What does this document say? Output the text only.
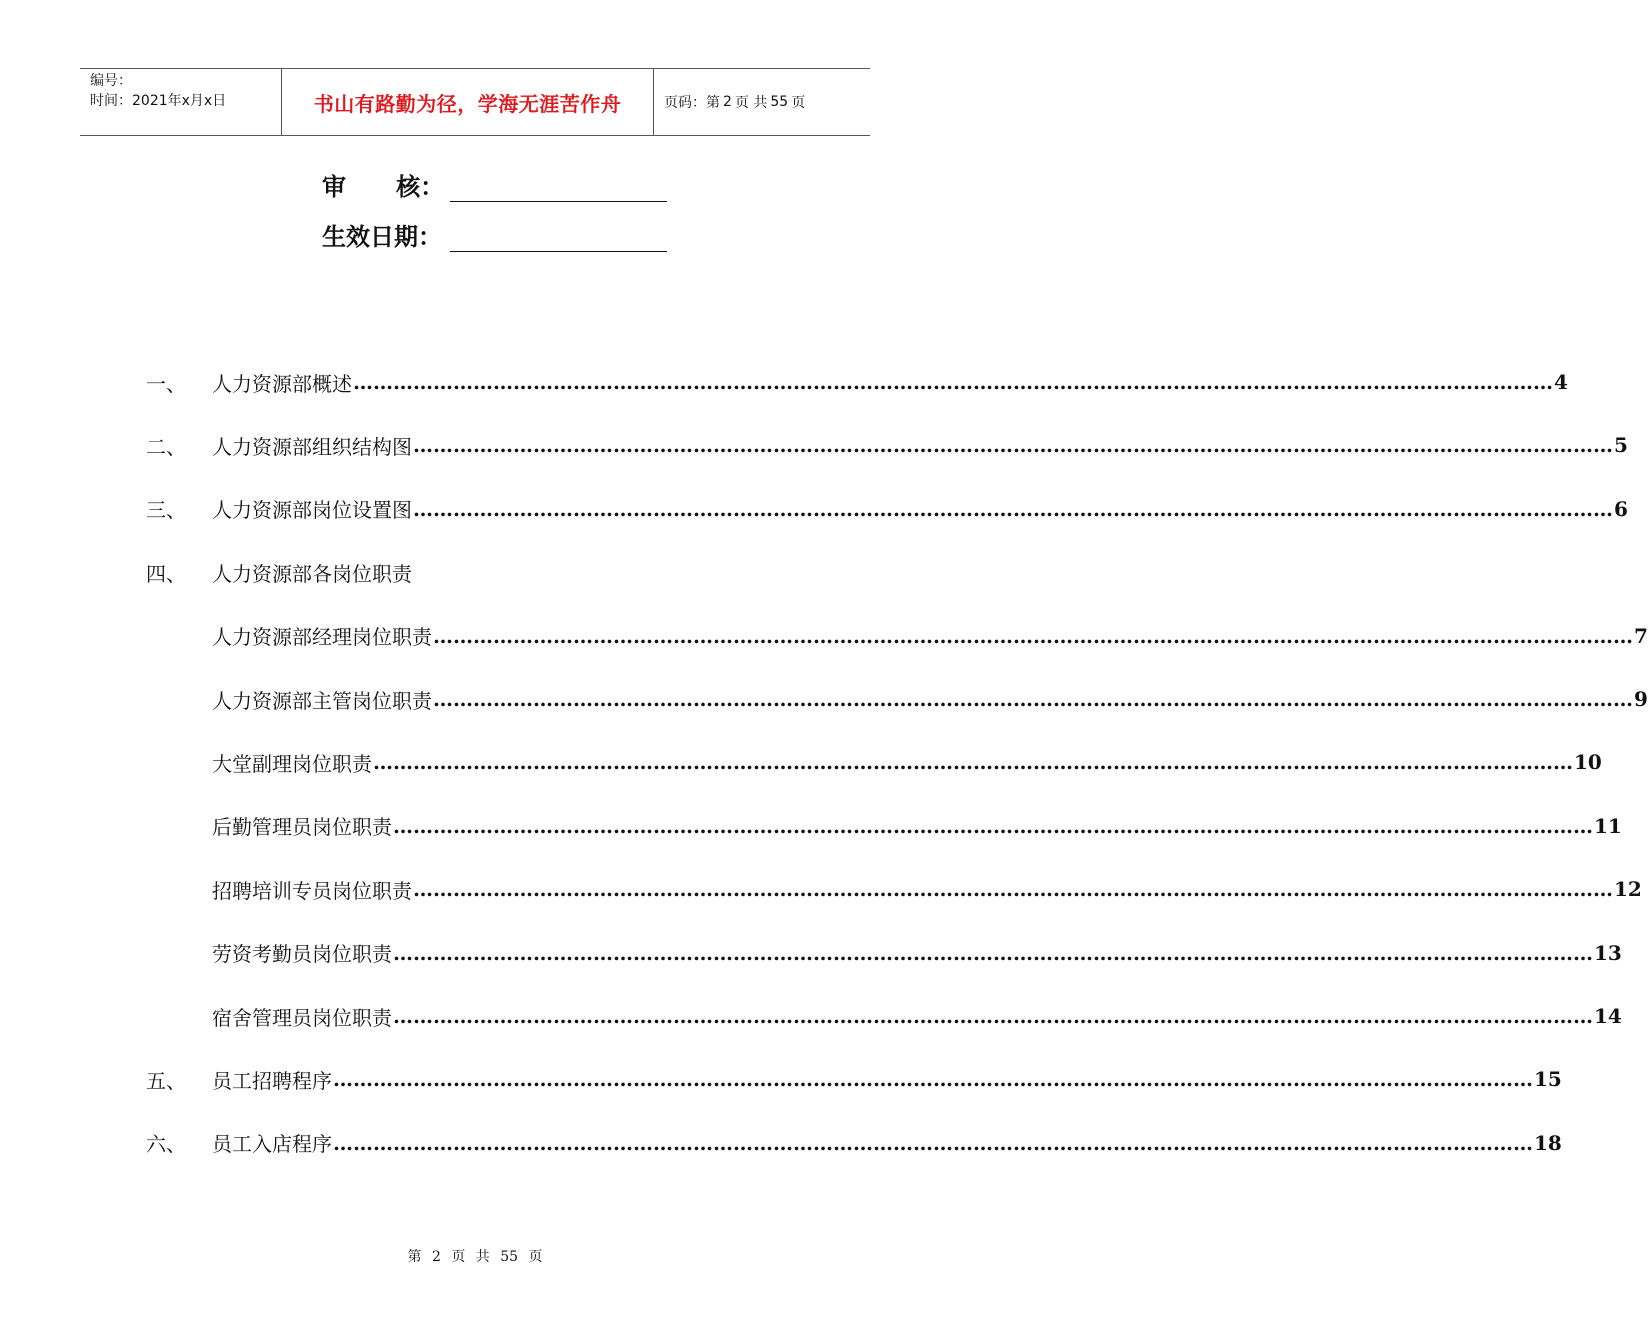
编号：
时间：2021年x月x日	书山有路勤为径，学海无涯苦作舟	页码：第 2 页 共 55 页
审      核：
生效日期：
一、 人力资源部概述 ……………………………………………………………………………………………………………………………………………………………… 4
二、 人力资源部组织结构图 ……………………………………………………………………………………………………………………………………………………………… 5
三、 人力资源部岗位设置图 ……………………………………………………………………………………………………………………………………………………………… 6
四、 人力资源部各岗位职责
人力资源部经理岗位职责 ……………………………………………………………………………………………………………………………………………………………… 7
人力资源部主管岗位职责 ……………………………………………………………………………………………………………………………………………………………… 9
大堂副理岗位职责 ……………………………………………………………………………………………………………………………………………………………… 10
后勤管理员岗位职责 ……………………………………………………………………………………………………………………………………………………………… 11
招聘培训专员岗位职责 ……………………………………………………………………………………………………………………………………………………………… 12
劳资考勤员岗位职责 ……………………………………………………………………………………………………………………………………………………………… 13
宿舍管理员岗位职责 ……………………………………………………………………………………………………………………………………………………………… 14
五、 员工招聘程序 ……………………………………………………………………………………………………………………………………………………………… 15
六、 员工入店程序 ……………………………………………………………………………………………………………………………………………………………… 18
第 2 页 共 55 页
